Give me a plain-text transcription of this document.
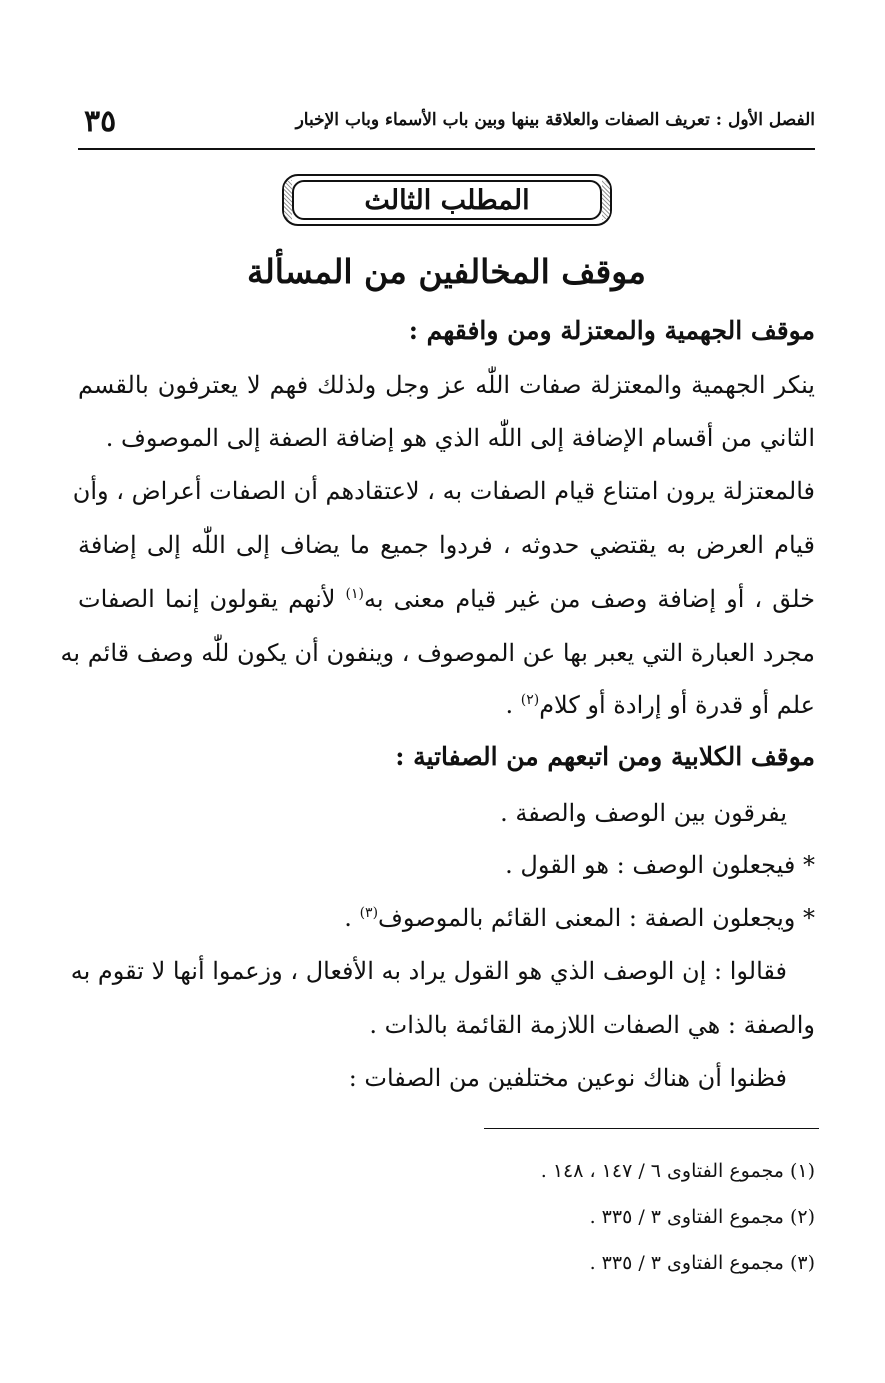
الفصل الأول : تعريف الصفات والعلاقة بينها وبين باب الأسماء وباب الإخبار
٣٥
المطلب الثالث
موقف المخالفين من المسألة
موقف الجهمية والمعتزلة ومن وافقهم :
ينكر الجهمية والمعتزلة صفات اللّٰه عز وجل ولذلك فهم لا يعترفون بالقسم
الثاني من أقسام الإضافة إلى اللّٰه الذي هو إضافة الصفة إلى الموصوف .
فالمعتزلة يرون امتناع قيام الصفات به ، لاعتقادهم أن الصفات أعراض ، وأن
قيام العرض به يقتضي حدوثه ، فردوا جميع ما يضاف إلى اللّٰه إلى إضافة
خلق ، أو إضافة وصف من غير قيام معنى به$^{(١)}$ لأنهم يقولون إنما الصفات
مجرد العبارة التي يعبر بها عن الموصوف ، وينفون أن يكون للّٰه وصف قائم به
علم أو قدرة أو إرادة أو كلام$^{(٢)}$ .
موقف الكلابية ومن اتبعهم من الصفاتية :
يفرقون بين الوصف والصفة .
* فيجعلون الوصف : هو القول .
* ويجعلون الصفة : المعنى القائم بالموصوف$^{(٣)}$ .
فقالوا : إن الوصف الذي هو القول يراد به الأفعال ، وزعموا أنها لا تقوم به
والصفة : هي الصفات اللازمة القائمة بالذات .
فظنوا أن هناك نوعين مختلفين من الصفات :
(١) مجموع الفتاوى ٦ / ١٤٧ ، ١٤٨ .
(٢) مجموع الفتاوى ٣ / ٣٣٥ .
(٣) مجموع الفتاوى ٣ / ٣٣٥ .
